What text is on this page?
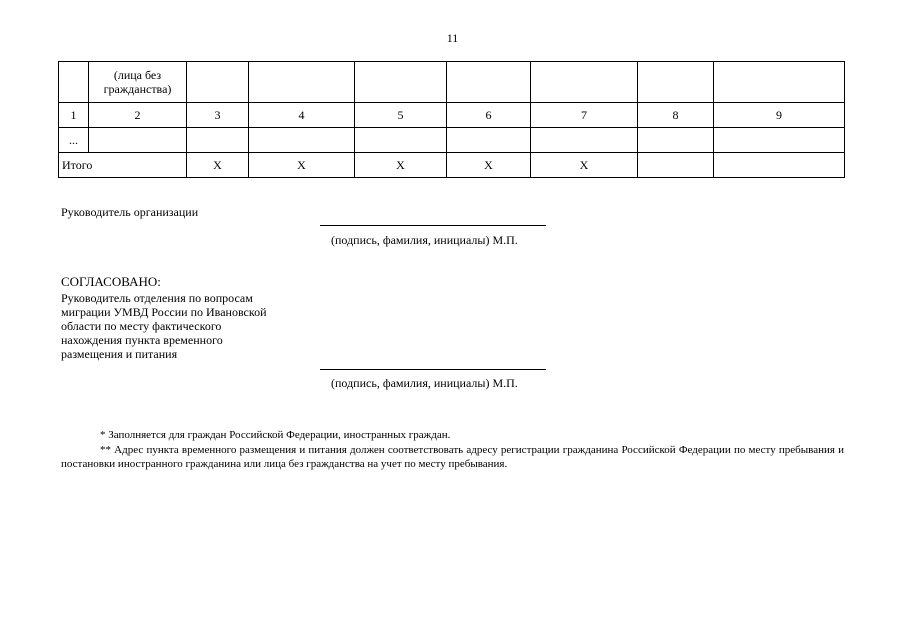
11
	(лица без гражданства)							
1	2	3	4	5	6	7	8	9
...								
Итого		X	X	X	X	X		
Руководитель организации
(подпись, фамилия, инициалы) М.П.
СОГЛАСОВАНО:
Руководитель отделения по вопросам
миграции УМВД России по Ивановской
области по месту фактического
нахождения пункта временного
размещения и питания
(подпись, фамилия, инициалы) М.П.
* Заполняется для граждан Российской Федерации, иностранных граждан.
** Адрес пункта временного размещения и питания должен соответствовать адресу регистрации гражданина Российской Федерации по месту пребывания и постановки иностранного гражданина или лица без гражданства на учет по месту пребывания.
